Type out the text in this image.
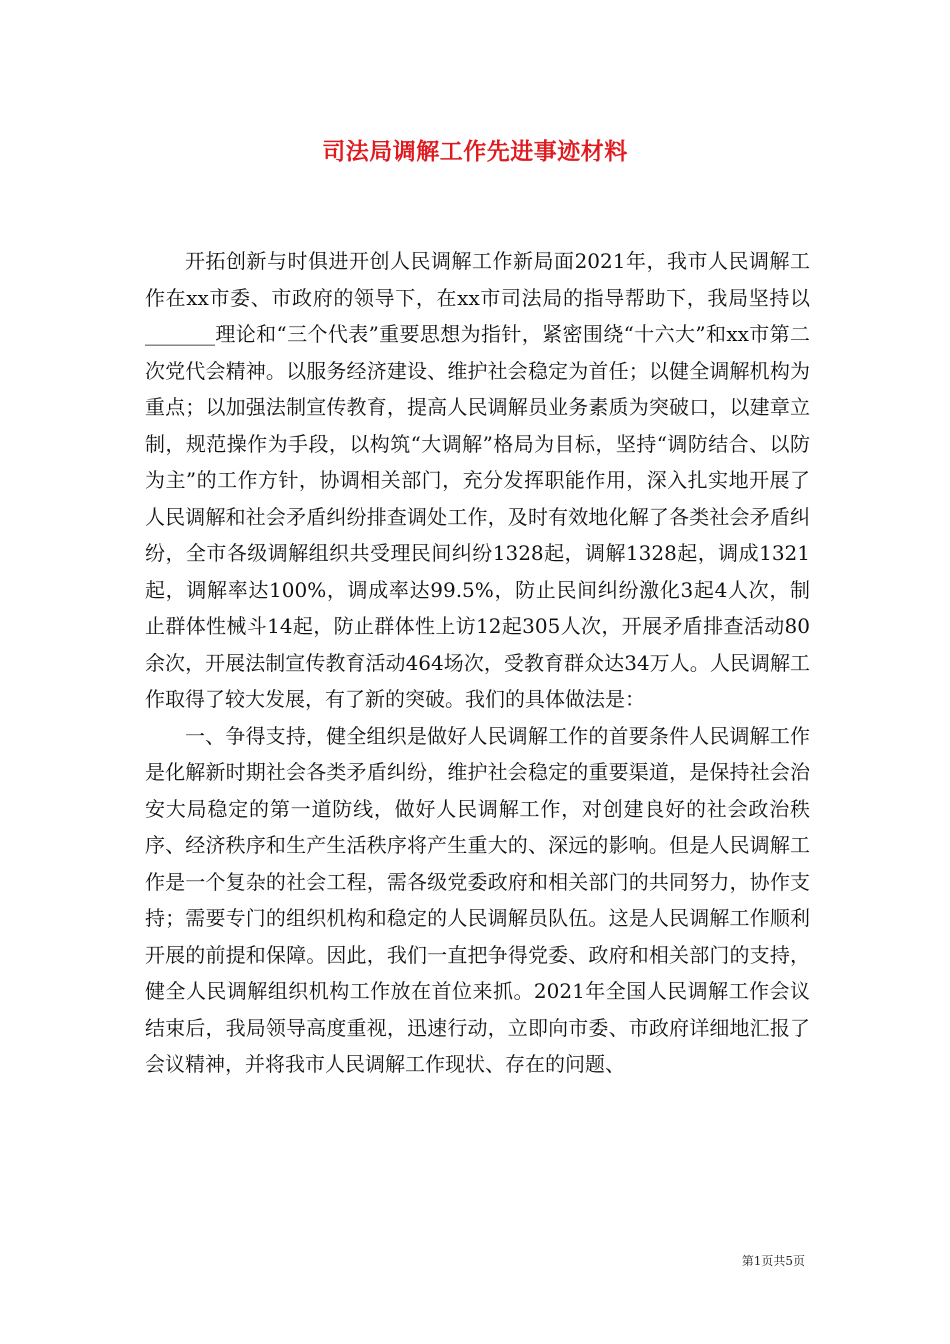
司法局调解工作先进事迹材料

开拓创新与时俱进开创人民调解工作新局面2021年，我市人民调解工作在xx市委、市政府的领导下，在xx市司法局的指导帮助下，我局坚持以_______理论和“三个代表”重要思想为指针，紧密围绕“十六大”和xx市第二次党代会精神。以服务经济建设、维护社会稳定为首任；以健全调解机构为重点；以加强法制宣传教育，提高人民调解员业务素质为突破口，以建章立制，规范操作为手段，以构筑“大调解”格局为目标，坚持“调防结合、以防为主”的工作方针，协调相关部门，充分发挥职能作用，深入扎实地开展了人民调解和社会矛盾纠纷排查调处工作，及时有效地化解了各类社会矛盾纠纷，全市各级调解组织共受理民间纠纷1328起，调解1328起，调成1321起，调解率达100%，调成率达99.5%，防止民间纠纷激化3起4人次，制止群体性械斗14起，防止群体性上访12起305人次，开展矛盾排查活动80余次，开展法制宣传教育活动464场次，受教育群众达34万人。人民调解工作取得了较大发展，有了新的突破。我们的具体做法是：

一、争得支持，健全组织是做好人民调解工作的首要条件人民调解工作是化解新时期社会各类矛盾纠纷，维护社会稳定的重要渠道，是保持社会治安大局稳定的第一道防线，做好人民调解工作，对创建良好的社会政治秩序、经济秩序和生产生活秩序将产生重大的、深远的影响。但是人民调解工作是一个复杂的社会工程，需各级党委政府和相关部门的共同努力，协作支持；需要专门的组织机构和稳定的人民调解员队伍。这是人民调解工作顺利开展的前提和保障。因此，我们一直把争得党委、政府和相关部门的支持，健全人民调解组织机构工作放在首位来抓。2021年全国人民调解工作会议结束后，我局领导高度重视，迅速行动，立即向市委、市政府详细地汇报了会议精神，并将我市人民调解工作现状、存在的问题、

第1页共5页
